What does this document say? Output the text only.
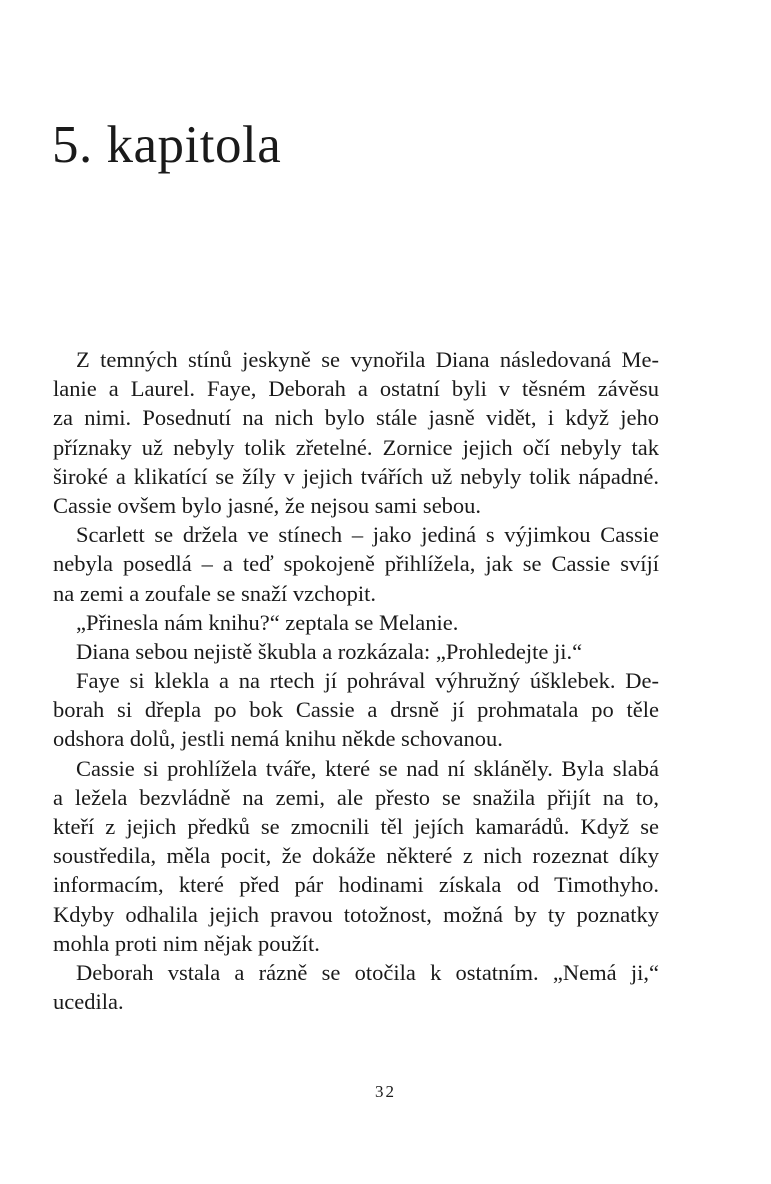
5. kapitola
Z temných stínů jeskyně se vynořila Diana následovaná Me-
lanie a Laurel. Faye, Deborah a ostatní byli v těsném závěsu
za nimi. Posednutí na nich bylo stále jasně vidět, i když jeho
příznaky už nebyly tolik zřetelné. Zornice jejich očí nebyly tak
široké a klikatící se žíly v jejich tvářích už nebyly tolik nápadné.
Cassie ovšem bylo jasné, že nejsou sami sebou.
Scarlett se držela ve stínech – jako jediná s výjimkou Cassie
nebyla posedlá – a teď spokojeně přihlížela, jak se Cassie svíjí
na zemi a zoufale se snaží vzchopit.
„Přinesla nám knihu?“ zeptala se Melanie.
Diana sebou nejistě škubla a rozkázala: „Prohledejte ji.“
Faye si klekla a na rtech jí pohrával výhružný úšklebek. De-
borah si dřepla po bok Cassie a drsně jí prohmatala po těle
odshora dolů, jestli nemá knihu někde schovanou.
Cassie si prohlížela tváře, které se nad ní skláněly. Byla slabá
a ležela bezvládně na zemi, ale přesto se snažila přijít na to,
kteří z jejich předků se zmocnili těl jejích kamarádů. Když se
soustředila, měla pocit, že dokáže některé z nich rozeznat díky
informacím, které před pár hodinami získala od Timothyho.
Kdyby odhalila jejich pravou totožnost, možná by ty poznatky
mohla proti nim nějak použít.
Deborah vstala a rázně se otočila k ostatním. „Nemá ji,“
ucedila.
32
